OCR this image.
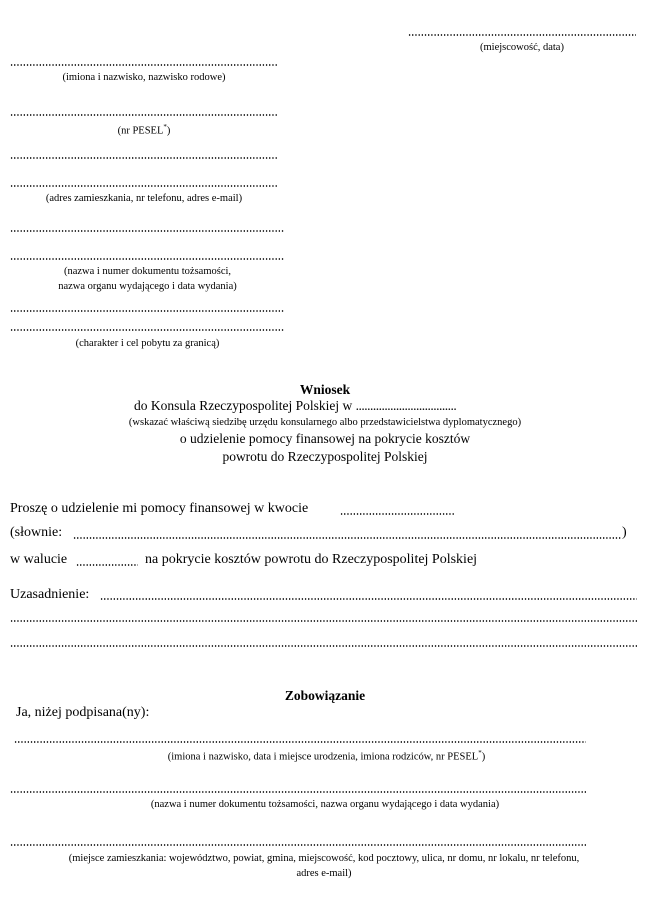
(miejscowość, data)
(imiona i nazwisko, nazwisko rodowe)
(nr PESEL*)
(adres zamieszkania, nr telefonu, adres e-mail)
(nazwa i numer dokumentu tożsamości,
nazwa organu wydającego i data wydania)
(charakter i cel pobytu za granicą)
Wniosek
do Konsula Rzeczypospolitej Polskiej w ...................................
(wskazać właściwą siedzibę urzędu konsularnego albo przedstawicielstwa dyplomatycznego)
o udzielenie pomocy finansowej na pokrycie kosztów
powrotu do Rzeczypospolitej Polskiej
Proszę o udzielenie mi pomocy finansowej w kwocie
(słownie:	)
w walucie	na pokrycie kosztów powrotu do Rzeczypospolitej Polskiej
Uzasadnienie:
Zobowiązanie
Ja, niżej podpisana(ny):
(imiona i nazwisko, data i miejsce urodzenia, imiona rodziców, nr PESEL*)
(nazwa i numer dokumentu tożsamości, nazwa organu wydającego i data wydania)
(miejsce zamieszkania: województwo, powiat, gmina, miejscowość, kod pocztowy, ulica, nr domu, nr lokalu, nr telefonu,
adres e-mail)
